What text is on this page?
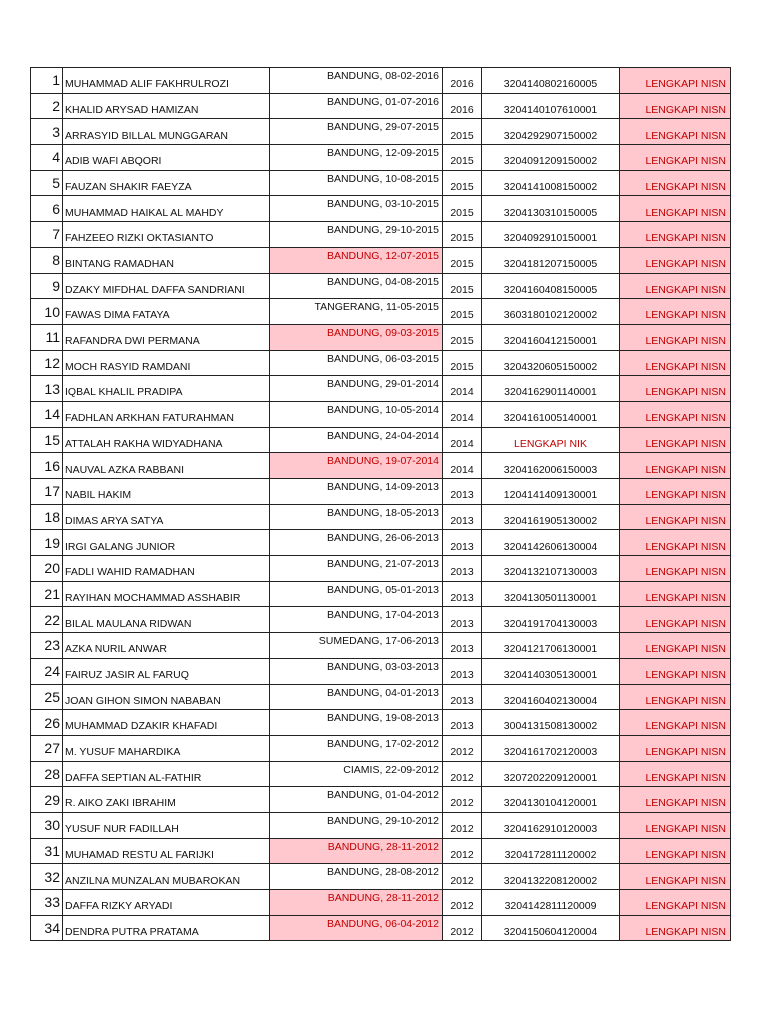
1	MUHAMMAD ALIF FAKHRULROZI	BANDUNG, 08-02-2016	2016	3204140802160005	LENGKAPI NISN
2	KHALID ARYSAD HAMIZAN	BANDUNG, 01-07-2016	2016	3204140107610001	LENGKAPI NISN
3	ARRASYID BILLAL MUNGGARAN	BANDUNG, 29-07-2015	2015	3204292907150002	LENGKAPI NISN
4	ADIB WAFI ABQORI	BANDUNG, 12-09-2015	2015	3204091209150002	LENGKAPI NISN
5	FAUZAN SHAKIR FAEYZA	BANDUNG, 10-08-2015	2015	3204141008150002	LENGKAPI NISN
6	MUHAMMAD HAIKAL AL MAHDY	BANDUNG, 03-10-2015	2015	3204130310150005	LENGKAPI NISN
7	FAHZEEO RIZKI OKTASIANTO	BANDUNG, 29-10-2015	2015	3204092910150001	LENGKAPI NISN
8	BINTANG RAMADHAN	BANDUNG, 12-07-2015	2015	3204181207150005	LENGKAPI NISN
9	DZAKY MIFDHAL DAFFA SANDRIANI	BANDUNG, 04-08-2015	2015	3204160408150005	LENGKAPI NISN
10	FAWAS DIMA FATAYA	TANGERANG, 11-05-2015	2015	3603180102120002	LENGKAPI NISN
11	RAFANDRA DWI PERMANA	BANDUNG, 09-03-2015	2015	3204160412150001	LENGKAPI NISN
12	MOCH RASYID RAMDANI	BANDUNG, 06-03-2015	2015	3204320605150002	LENGKAPI NISN
13	IQBAL KHALIL PRADIPA	BANDUNG, 29-01-2014	2014	3204162901140001	LENGKAPI NISN
14	FADHLAN ARKHAN FATURAHMAN	BANDUNG, 10-05-2014	2014	3204161005140001	LENGKAPI NISN
15	ATTALAH RAKHA WIDYADHANA	BANDUNG, 24-04-2014	2014	LENGKAPI NIK	LENGKAPI NISN
16	NAUVAL AZKA RABBANI	BANDUNG, 19-07-2014	2014	3204162006150003	LENGKAPI NISN
17	NABIL HAKIM	BANDUNG, 14-09-2013	2013	1204141409130001	LENGKAPI NISN
18	DIMAS ARYA SATYA	BANDUNG, 18-05-2013	2013	3204161905130002	LENGKAPI NISN
19	IRGI GALANG JUNIOR	BANDUNG, 26-06-2013	2013	3204142606130004	LENGKAPI NISN
20	FADLI WAHID RAMADHAN	BANDUNG, 21-07-2013	2013	3204132107130003	LENGKAPI NISN
21	RAYIHAN MOCHAMMAD ASSHABIR	BANDUNG, 05-01-2013	2013	3204130501130001	LENGKAPI NISN
22	BILAL MAULANA RIDWAN	BANDUNG, 17-04-2013	2013	3204191704130003	LENGKAPI NISN
23	AZKA NURIL ANWAR	SUMEDANG, 17-06-2013	2013	3204121706130001	LENGKAPI NISN
24	FAIRUZ JASIR AL FARUQ	BANDUNG, 03-03-2013	2013	3204140305130001	LENGKAPI NISN
25	JOAN GIHON SIMON NABABAN	BANDUNG, 04-01-2013	2013	3204160402130004	LENGKAPI NISN
26	MUHAMMAD DZAKIR KHAFADI	BANDUNG, 19-08-2013	2013	3004131508130002	LENGKAPI NISN
27	M. YUSUF MAHARDIKA	BANDUNG, 17-02-2012	2012	3204161702120003	LENGKAPI NISN
28	DAFFA SEPTIAN AL-FATHIR	CIAMIS, 22-09-2012	2012	3207202209120001	LENGKAPI NISN
29	R. AIKO ZAKI IBRAHIM	BANDUNG, 01-04-2012	2012	3204130104120001	LENGKAPI NISN
30	YUSUF NUR FADILLAH	BANDUNG, 29-10-2012	2012	3204162910120003	LENGKAPI NISN
31	MUHAMAD RESTU AL FARIJKI	BANDUNG, 28-11-2012	2012	3204172811120002	LENGKAPI NISN
32	ANZILNA MUNZALAN MUBAROKAN	BANDUNG, 28-08-2012	2012	3204132208120002	LENGKAPI NISN
33	DAFFA RIZKY ARYADI	BANDUNG, 28-11-2012	2012	3204142811120009	LENGKAPI NISN
34	DENDRA PUTRA PRATAMA	BANDUNG, 06-04-2012	2012	3204150604120004	LENGKAPI NISN
